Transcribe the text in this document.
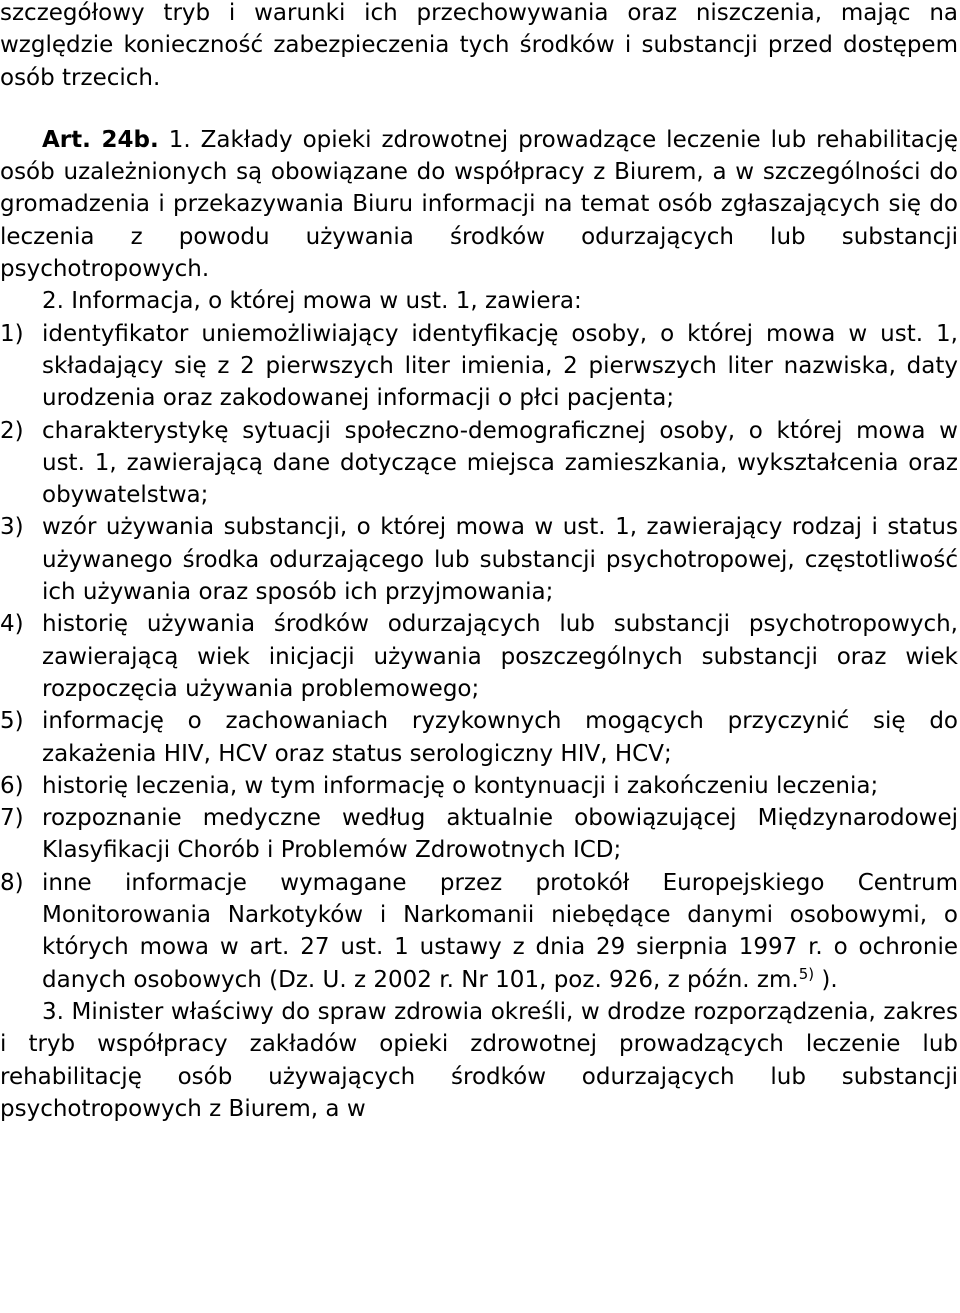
szczegółowy tryb i warunki ich przechowywania oraz niszczenia, mając na względzie konieczność zabezpieczenia tych środków i substancji przed dostępem osób trzecich.

Art. 24b. 1. Zakłady opieki zdrowotnej prowadzące leczenie lub rehabilitację osób uzależnionych są obowiązane do współpracy z Biurem, a w szczególności do gromadzenia i przekazywania Biuru informacji na temat osób zgłaszających się do leczenia z powodu używania środków odurzających lub substancji psychotropowych.

2. Informacja, o której mowa w ust. 1, zawiera:

1) identyfikator uniemożliwiający identyfikację osoby, o której mowa w ust. 1, składający się z 2 pierwszych liter imienia, 2 pierwszych liter nazwiska, daty urodzenia oraz zakodowanej informacji o płci pacjenta;
2) charakterystykę sytuacji społeczno-demograficznej osoby, o której mowa w ust. 1, zawierającą dane dotyczące miejsca zamieszkania, wykształcenia oraz obywatelstwa;
3) wzór używania substancji, o której mowa w ust. 1, zawierający rodzaj i status używanego środka odurzającego lub substancji psychotropowej, częstotliwość ich używania oraz sposób ich przyjmowania;
4) historię używania środków odurzających lub substancji psychotropowych, zawierającą wiek inicjacji używania poszczególnych substancji oraz wiek rozpoczęcia używania problemowego;
5) informację o zachowaniach ryzykownych mogących przyczynić się do zakażenia HIV, HCV oraz status serologiczny HIV, HCV;
6) historię leczenia, w tym informację o kontynuacji i zakończeniu leczenia;
7) rozpoznanie medyczne według aktualnie obowiązującej Międzynarodowej Klasyfikacji Chorób i Problemów Zdrowotnych ICD;
8) inne informacje wymagane przez protokół Europejskiego Centrum Monitorowania Narkotyków i Narkomanii niebędące danymi osobowymi, o których mowa w art. 27 ust. 1 ustawy z dnia 29 sierpnia 1997 r. o ochronie danych osobowych (Dz. U. z 2002 r. Nr 101, poz. 926, z późn. zm.$^{5)}$ ).

3. Minister właściwy do spraw zdrowia określi, w drodze rozporządzenia, zakres i tryb współpracy zakładów opieki zdrowotnej prowadzących leczenie lub rehabilitację osób używających środków odurzających lub substancji psychotropowych z Biurem, a w
